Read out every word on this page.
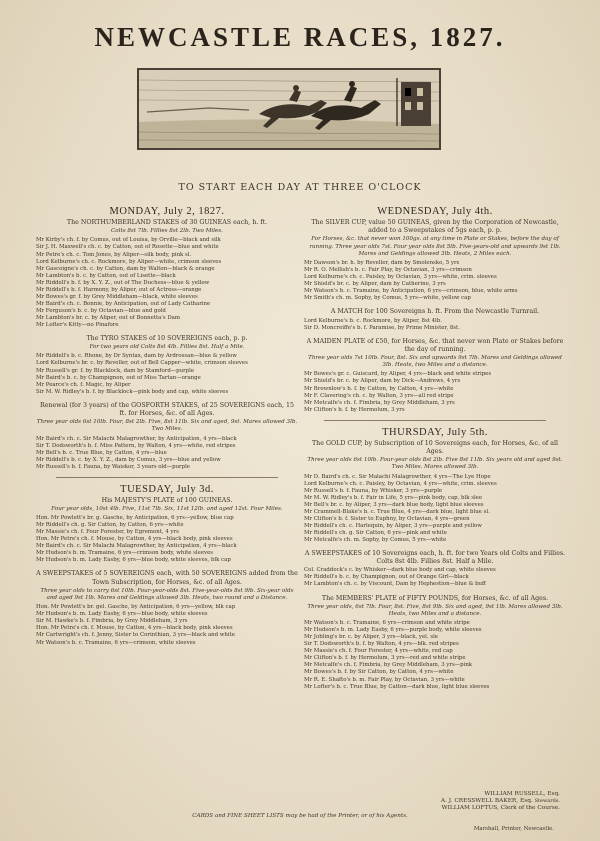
NEWCASTLE RACES, 1827.
TO START EACH DAY AT THREE O'CLOCK
MONDAY, July 2, 1827.
The NORTHUMBERLAND STAKES of 30 GUINEAS each, h. ft.
Colts 8st 7lb. Fillies 8st 2lb. Two Miles.
Mr Kirby's ch. f. by Comus, out of Louisa, by Orville—black and silk
Sir J. H. Maxwell's ch. c. by Catton, out of Rosette—blue and white
Mr Petre's ch. c. Tom Jones, by Aliper—silk body, pink sl.
Lord Kelburne's ch. c. Rockmore, by Aliper—white, crimson sleeves
Mr Gascoigne's ch. c. by Catton, dam by Walton—black & orange
Mr Lambton's b. c. by Catton, out of Lisette—black
Mr Riddell's b. f. by X. Y. Z., out of The Duchess—blue & yellow
Mr Riddell's b. f. Harmony, by Aliper, out of Actress—orange
Mr Bowes's gr. f. by Grey Middleham—black, white sleeves
Mr Baird's ch. c. Bonnie, by Anticipation, out of Lady Catharine
Mr Ferguson's b. c. by Octavian—blue and gold
Mr Lambton's br. c. by Aliper, out of Bonnetta's Dam
Mr Lofter's Kitty—no Pinafore
The TYRO STAKES of 10 SOVEREIGNS each, p. p.
For two years old Colts 8st 4lb. Fillies 8st. Half a Mile.
Mr Riddell's b. c. Rhone, by Dr Syntax, dam by Ardrossan—blue & yellow
Lord Kelburne's br. c. by Reveller, out of Bell Capper—white, crimson sleeves
Mr Russell's gr. f. by Blacklock, dam by Stamford—purple
Mr Baird's b. c. by Champignon, out of Miss Tartan—orange
Mr Pearce's ch. f. Magic, by Aliper
Sir M. W. Ridley's b. f. by Blacklock—pink body and cap, white sleeves
Renewal (for 3 years) of the GOSFORTH STAKES, of 25 SOVEREIGNS each, 15 ft. for Horses, &c. of all Ages.
Three year olds 6st 10lb. Four, 8st 2lb. Five, 8st 11lb. Six and aged, 9st. Mares allowed 3lb. Two Miles.
Mr Baird's ch. c. Sir Malachi Malagrowther, by Anticipation, 4 yrs—black
Sir T. Dodsworth's b. f. Miss Pattern, by Walton, 4 yrs—white, red stripes
Mr Bell's b. c. True Blue, by Catton, 4 yrs—blue
Mr Riddell's b. c. by X. Y. Z., dam by Comus, 3 yrs—blue and yellow
Mr Russell's b. f. Fauna, by Waiskor, 3 years old—purple
TUESDAY, July 3d.
His MAJESTY'S PLATE of 100 GUINEAS.
Four year olds, 10st 4lb. Five, 11st 7lb. Six, 11st 12lb. and aged 12st. Four Miles.
Hon. Mr Powlett's br. g. Gasche, by Anticipation, 6 yrs—yellow, blue cap
Mr Riddell's ch. g. Sir Catton, by Catton, 6 yrs—white
Mr Massie's ch. f. Four Forester, by Egremont, 4 yrs
Hon. Mr Petre's ch. f. Mouse, by Catton, 4 yrs—black body, pink sleeves
Mr Baird's ch. c. Sir Malachi Malagrowther, by Anticipation, 4 yrs—black
Mr Hudson's b. m. Tramaine, 6 yrs—crimson body, white sleeves
Mr Hudson's b. m. Lady Easby, 6 yrs—blue body, white sleeves, blk cap
A SWEEPSTAKES of 5 SOVEREIGNS each, with 50 SOVEREIGNS added from the Town Subscription, for Horses, &c. of all Ages.
Three year olds to carry 6st 10lb. Four-year-olds 8st. Five-year-olds 8st 9lb. Six-year olds and aged 9st 1lb. Mares and Geldings allowed 3lb. Heats, two round and a Distance.
Hon. Mr Powlett's br. gel. Gasche, by Anticipation, 6 yrs—yellow, blk cap
Mr Hudson's b. m. Lady Easby, 6 yrs—blue body, white sleeves
Sir M. Hawke's b. f. Fimbria, by Grey Middleham, 3 yrs
Hon. Mr Petre's ch. f. Mouse, by Catton, 4 yrs—black body, pink sleeves
Mr Cartwright's ch. f. Jenny, Sister to Corinthian, 3 yrs—black and white
Mr Watson's b. c. Tramaine, 6 yrs—crimson, white sleeves
WEDNESDAY, July 4th.
The SILVER CUP, value 50 GUINEAS, given by the Corporation of Newcastle, added to a Sweepstakes of 5gs each, p. p.
For Horses, &c. that never won 100gs. at any time in Plate or Stakes, before the day of running. Three year olds 7st. Four year olds 8st 5lb. Five-years-old and upwards 9st 1lb. Mares and Geldings allowed 3lb. Heats, 2 Miles each.
Mr Dawson's br. h. by Reveller, dam by Smolensko, 5 yrs
Mr R. O. Mellish's b. c. Fair Play, by Octavian, 3 yrs—crimson
Lord Kelburne's ch. c. Paisley, by Octavian, 3 yrs—white, crim. sleeves
Mr Shield's br. c. by Aliper, dam by Catherine, 3 yrs
Mr Watson's b. c. Tramaine, by Anticipation, 6 yrs—crimson, blue, white arms
Mr Smith's ch. m. Sophy, by Comus, 5 yrs—white, yellow cap
A MATCH for 100 Sovereigns h. ft. From the Newcastle Turnrail.
Lord Kelburne's b. c. Rockmore, by Aliper, 8st 4lb.
Sir D. Moncreiffe's b. f. Paramise, by Prime Minister, 8st.
A MAIDEN PLATE of £50, for Horses, &c. that never won Plate or Stakes before the day of running.
Three year olds 7st 10lb. Four, 8st. Six and upwards 9st 7lb. Mares and Geldings allowed 3lb. Heats, two Miles and a distance.
Mr Bowes's gr. c. Guiscard, by Aliper, 4 yrs—black and white stripes
Mr Shield's br. c. by Aliper, dam by Dick—Andrews, 4 yrs
Mr Brownlow's b. f. by Catton, by Catton, 4 yrs—white
Mr F. Clavering's ch. c. by Walton, 3 yrs—all red stripe
Mr Metcalfe's ch. f. Fimbria, by Grey Middleham, 3 yrs
Mr Clifton's b. f. by Hermolum, 3 yrs
THURSDAY, July 5th.
The GOLD CUP, by Subscription of 10 Sovereigns each, for Horses, &c. of all Ages.
Three year olds 6st 10lb. Four-year olds 8st 2lb. Five 8st 11lb. Six years old and aged 9st. Two Miles. Mares allowed 3lb.
Mr D. Baird's ch. c. Sir Malachi Malagrowther, 4 yrs—The Lye Hope
Lord Kelburne's ch. c. Paisley, by Octavian, 4 yrs—white, crim. sleeves
Mr Russell's b. f. Fauna, by Whisker, 3 yrs—purple
Mr M. W. Ridley's b. f. Fair in Life, 5 yrs—pink body, cap, blk slee
Mr Bell's br. c. by Aliper, 3 yrs—dark blue body, light blue sleeves
Mr Crammell-Blake's b. c. True Blue, 4 yrs—dark blue, light blue sl.
Mr Clifton's b. f. Sister to Euphny, by Octavian, 4 yrs—green
Mr Riddell's ch. c. Harlequin, by Aliper, 3 yrs—purple and yellow
Mr Riddell's ch. g. Sir Catton, 6 yrs—pink and white
Mr Metcalfe's ch. m. Sophy, by Comus, 5 yrs—white
A SWEEPSTAKES of 10 Sovereigns each, h. ft. for two Years old Colts and Fillies. Colts 8st 4lb. Fillies 8st. Half a Mile.
Col. Craddock's c. by Whisker—dark blue body and cap, white sleeves
Mr Riddell's b. c. by Champignon, out of Orange Girl—black
Mr Lambton's ch. c. by Viscount, Dam by Hephestion—blue & buff
The MEMBERS' PLATE of FIFTY POUNDS, for Horses, &c. of all Ages.
Three year olds, 6st 7lb. Four, 8st. Five, 8st 9lb. Six and aged, 9st 1lb. Mares allowed 3lb. Heats, two Miles and a distance.
Mr Watson's b. c. Tramaine, 6 yrs—crimson and white stripe
Mr Hudson's b. m. Lady Easby, 6 yrs—purple body, white sleeves
Mr Jobling's br. c. by Aliper, 3 yrs—black, yel. sle
Sir T. Dodsworth's b. f. by Walton, 4 yrs—blk. red stripes
Mr Massie's ch. f. Four Forester, 4 yrs—white, red cap
Mr Clifton's b. f. by Hermolum, 3 yrs—red and white stripe
Mr Metcalfe's ch. f. Fimbria, by Grey Middleham, 3 yrs—pink
Mr Bowes's b. f. by Sir Catton, by Catton, 4 yrs—white
Mr R. E. Shafto's b. m. Fair Play, by Octavian, 3 yrs—white
Mr Lofter's b. c. True Blue, by Catton—dark blue, light blue sleeves
WILLIAM RUSSELL, Esq.
A. J. CRESSWELL BAKER, Esq. Stewards.
WILLIAM LOFTUS, Clerk of the Course.
CARDS and FINE SHEET LISTS may be had of the Printer, or of his Agents.
Marshall, Printer, Newcastle.
